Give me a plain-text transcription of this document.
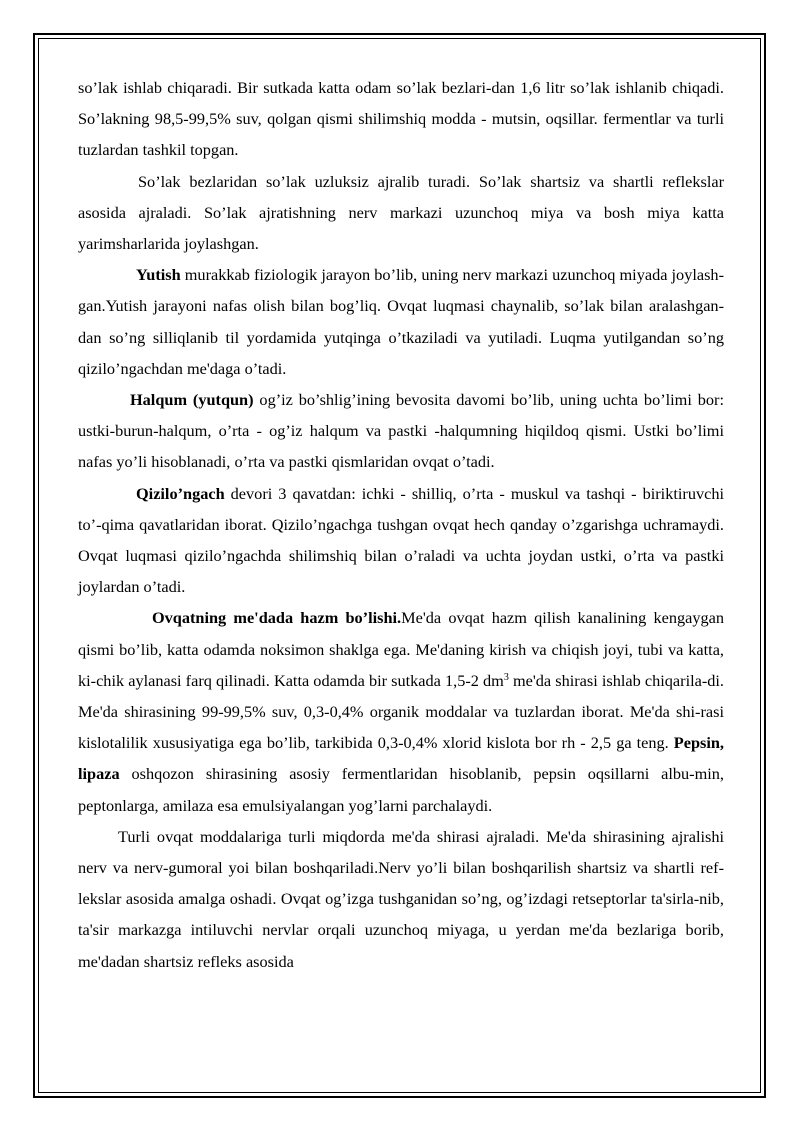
so’lak ishlab chiqaradi. Bir sutkada katta odam so’lak bezlari-dan 1,6 litr so’lak ishlanib chiqadi. So’lakning 98,5-99,5% suv, qolgan qismi shilimshiq modda - mutsin, oqsillar. fermentlar va turli tuzlardan tashkil topgan.

So’lak bezlaridan so’lak uzluksiz ajralib turadi. So’lak shartsiz va shartli reflekslar asosida ajraladi. So’lak ajratishning nerv markazi uzunchoq miya va bosh miya katta yarimsharlarida joylashgan.

Yutish murakkab fiziologik jarayon bo’lib, uning nerv markazi uzunchoq miyada joylash-gan.Yutish jarayoni nafas olish bilan bog’liq. Ovqat luqmasi chaynalib, so’lak bilan aralashgan-dan so’ng silliqlanib til yordamida yutqinga o’tkaziladi va yutiladi. Luqma yutilgandan so’ng qizilo’ngachdan me'daga o’tadi.

Halqum (yutqun) og’iz bo’shlig’ining bevosita davomi bo’lib, uning uchta bo’limi bor: ustki-burun-halqum, o’rta - og’iz halqum va pastki -halqumning hiqildoq qismi. Ustki bo’limi nafas yo’li hisoblanadi, o’rta va pastki qismlaridan ovqat o’tadi.

Qizilo’ngach devori 3 qavatdan: ichki - shilliq, o’rta - muskul va tashqi - biriktiruvchi to’-qima qavatlaridan iborat. Qizilo’ngachga tushgan ovqat hech qanday o’zgarishga uchramaydi. Ovqat luqmasi qizilo’ngachda shilimshiq bilan o’raladi va uchta joydan ustki, o’rta va pastki joylardan o’tadi.

Ovqatning me'dada hazm bo’lishi.Me'da ovqat hazm qilish kanalining kengaygan qismi bo’lib, katta odamda noksimon shaklga ega. Me'daning kirish va chiqish joyi, tubi va katta, ki-chik aylanasi farq qilinadi. Katta odamda bir sutkada 1,5-2 $dm^3$ me'da shirasi ishlab chiqarila-di. Me'da shirasining 99-99,5% suv, 0,3-0,4% organik moddalar va tuzlardan iborat. Me'da shi-rasi kislotalilik xususiyatiga ega bo’lib, tarkibida 0,3-0,4% xlorid kislota bor rh - 2,5 ga teng. Pepsin, lipaza oshqozon shirasining asosiy fermentlaridan hisoblanib, pepsin oqsillarni albu-min, peptonlarga, amilaza esa emulsiyalangan yog’larni parchalaydi.

Turli ovqat moddalariga turli miqdorda me'da shirasi ajraladi. Me'da shirasining ajralishi nerv va nerv-gumoral yoi bilan boshqariladi.Nerv yo’li bilan boshqarilish shartsiz va shartli ref-lekslar asosida amalga oshadi. Ovqat og’izga tushganidan so’ng, og’izdagi retseptorlar ta'sirla-nib, ta'sir markazga intiluvchi nervlar orqali uzunchoq miyaga, u yerdan me'da bezlariga borib, me'dadan shartsiz refleks asosida
